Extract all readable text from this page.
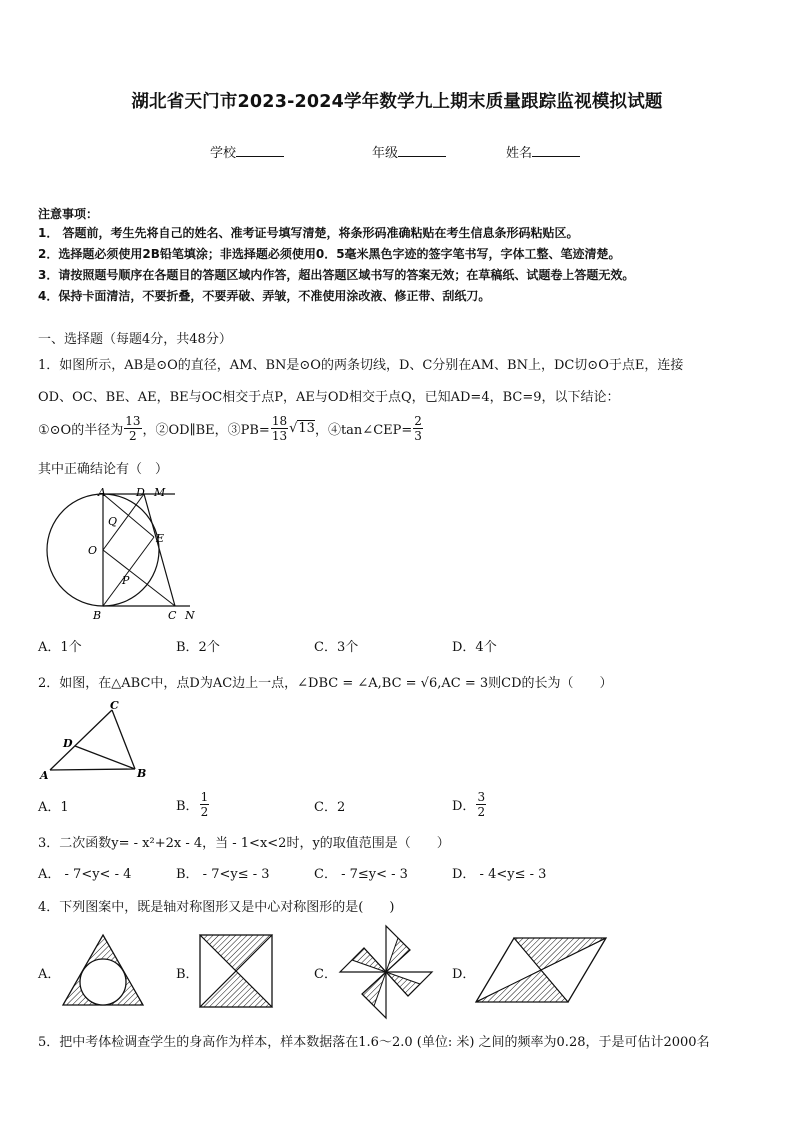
湖北省天门市2023-2024学年数学九上期末质量跟踪监视模拟试题
学校	年级	姓名
注意事项：
1． 答题前，考生先将自己的姓名、准考证号填写清楚，将条形码准确粘贴在考生信息条形码粘贴区。
2．选择题必须使用2B铅笔填涂；非选择题必须使用0．5毫米黑色字迹的签字笔书写，字体工整、笔迹清楚。
3．请按照题号顺序在各题目的答题区域内作答，超出答题区域书写的答案无效；在草稿纸、试题卷上答题无效。
4．保持卡面清洁，不要折叠，不要弄破、弄皱，不准使用涂改液、修正带、刮纸刀。
一、选择题（每题4分，共48分）
1．如图所示，AB是⊙O的直径，AM、BN是⊙O的两条切线，D、C分别在AM、BN上，DC切⊙O于点E，连接
OD、OC、BE、AE，BE与OC相交于点P，AE与OD相交于点Q，已知AD=4，BC=9，以下结论：
①⊙O的半径为 $\frac{13}{2}$ ，②OD∥BE，③PB= $\frac{18}{13} √13$ ，④tan∠CEP= $\frac{2}{3}$
其中正确结论有（　）
A	D M
Q
O
E
P
B	C N
A．1个	B．2个	C．3个	D．4个
2．如图，在△ABC中，点D为AC边上一点，∠DBC = ∠A,BC = √6,AC = 3则CD的长为（　　）
C
D
A	B
A．1	B． $\frac{1}{2}$	C．2	D． $\frac{3}{2}$
3．二次函数y= - x²+2x - 4，当 - 1<x<2时，y的取值范围是（　　）
A． - 7<y< - 4	B． - 7<y≤ - 3	C． - 7≤y< - 3	D． - 4<y≤ - 3
4．下列图案中，既是轴对称图形又是中心对称图形的是(　　)
A．	B．	C．	D．
5．把中考体检调查学生的身高作为样本，样本数据落在1.6～2.0 (单位: 米) 之间的频率为0.28，于是可估计2000名
